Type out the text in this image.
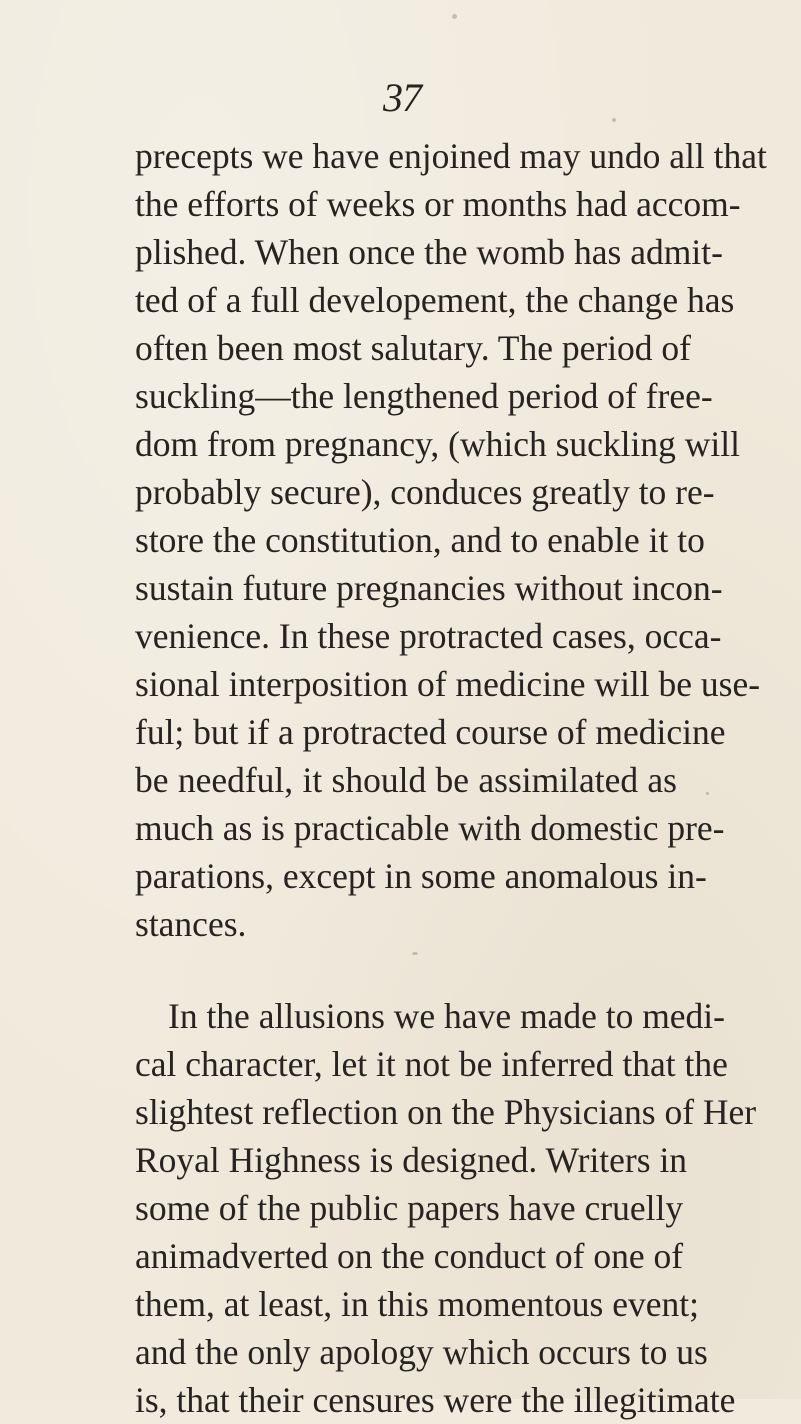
37
precepts we have enjoined may undo all that
the efforts of weeks or months had accom-
plished. When once the womb has admit-
ted of a full developement, the change has
often been most salutary. The period of
suckling—the lengthened period of free-
dom from pregnancy, (which suckling will
probably secure), conduces greatly to re-
store the constitution, and to enable it to
sustain future pregnancies without incon-
venience. In these protracted cases, occa-
sional interposition of medicine will be use-
ful; but if a protracted course of medicine
be needful, it should be assimilated as
much as is practicable with domestic pre-
parations, except in some anomalous in-
stances.
In the allusions we have made to medi-
cal character, let it not be inferred that the
slightest reflection on the Physicians of Her
Royal Highness is designed. Writers in
some of the public papers have cruelly
animadverted on the conduct of one of
them, at least, in this momentous event;
and the only apology which occurs to us
is, that their censures were the illegitimate
